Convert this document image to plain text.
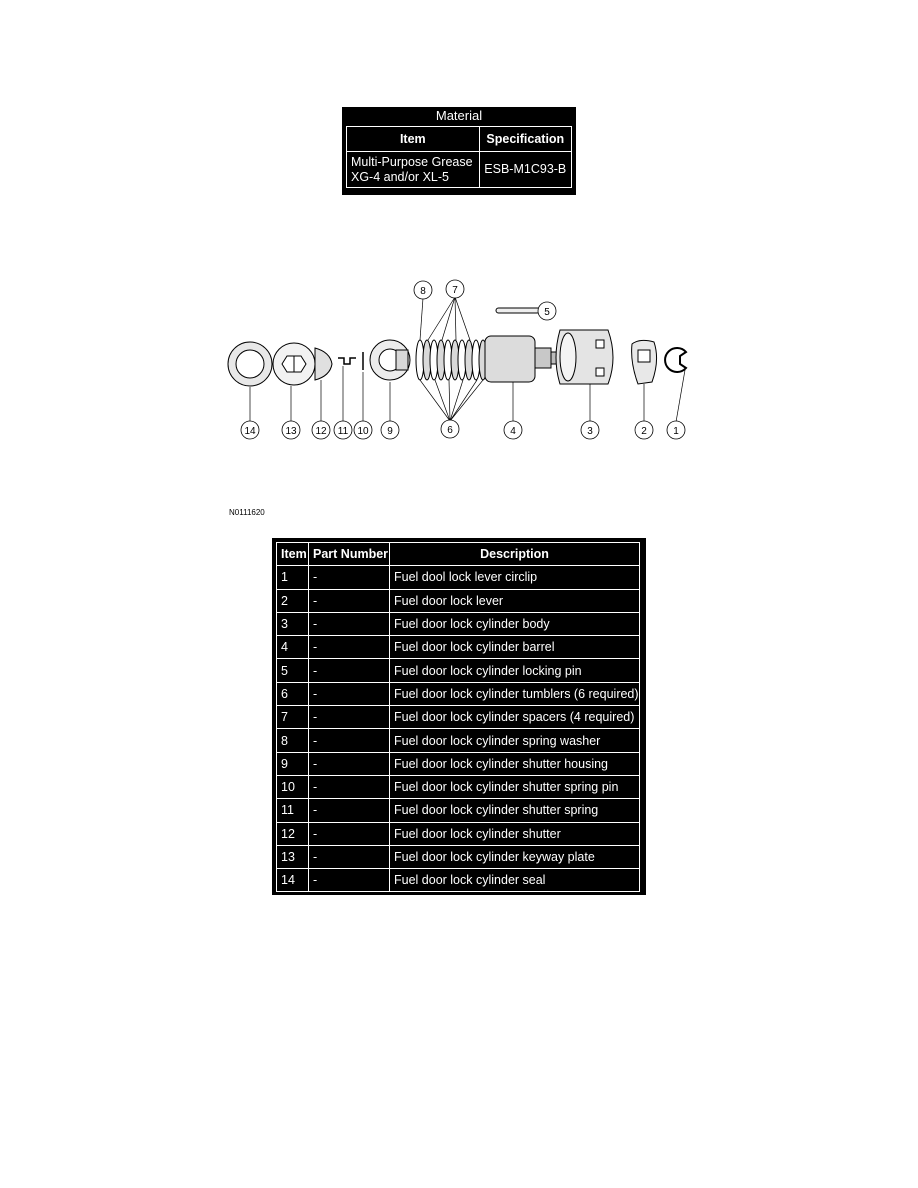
Material
Item	Specification

Multi-Purpose Grease
XG-4 and/or XL-5	ESB-M1C93-B
14	13 12 11 10 9	6
8	7
5
4	3	2	1
N0111620
Item	Part Number	Description
1	-	Fuel dool lock lever circlip
2	-	Fuel door lock lever
3	-	Fuel door lock cylinder body
4	-	Fuel door lock cylinder barrel
5	-	Fuel door lock cylinder locking pin
6	-	Fuel door lock cylinder tumblers (6 required)
7	-	Fuel door lock cylinder spacers (4 required)
8	-	Fuel door lock cylinder spring washer
9	-	Fuel door lock cylinder shutter housing
10	-	Fuel door lock cylinder shutter spring pin
11	-	Fuel door lock cylinder shutter spring
12	-	Fuel door lock cylinder shutter
13	-	Fuel door lock cylinder keyway plate
14	-	Fuel door lock cylinder seal
